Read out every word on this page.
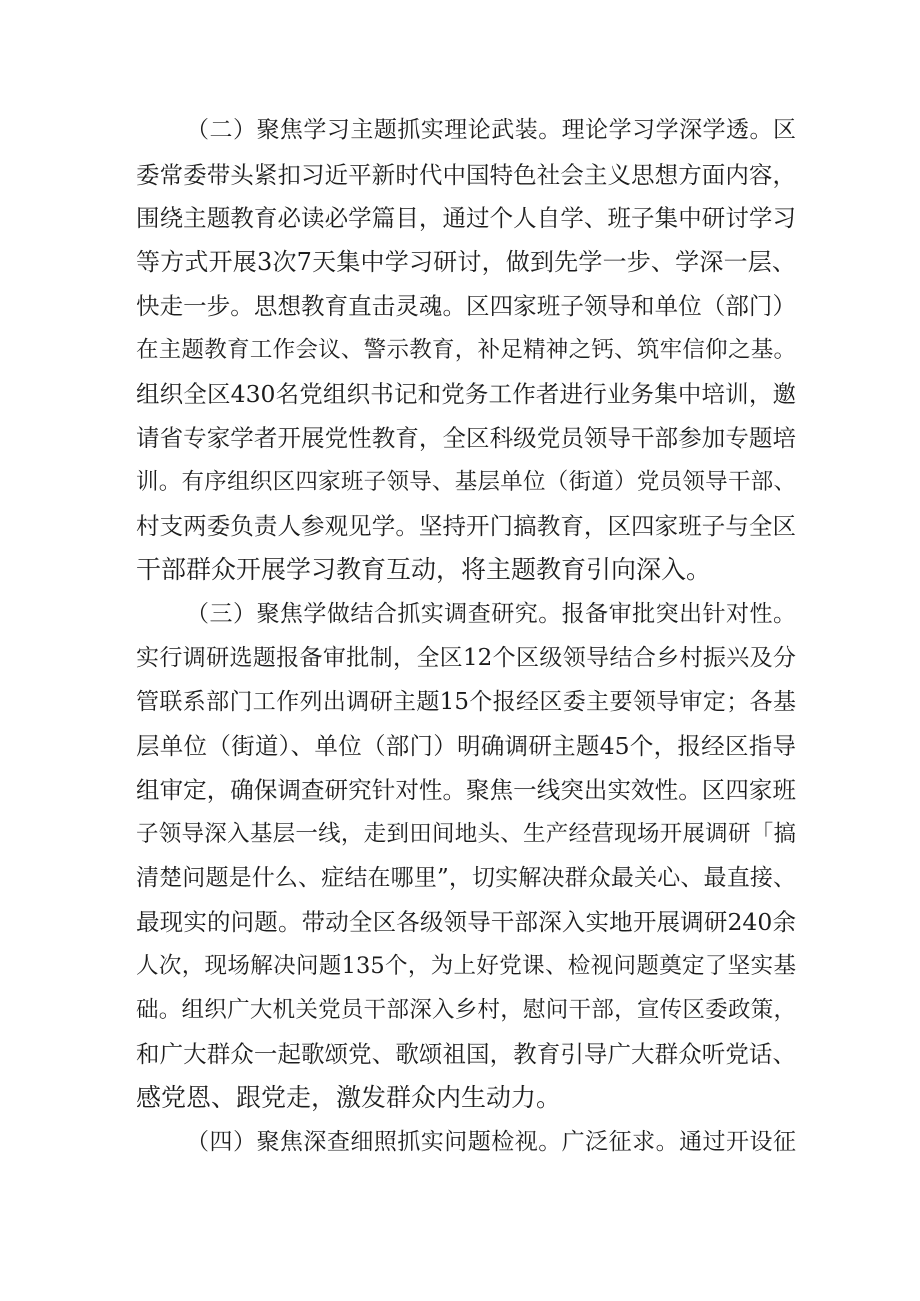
（二）聚焦学习主题抓实理论武装。理论学习学深学透。区
委常委带头紧扣习近平新时代中国特色社会主义思想方面内容，
围绕主题教育必读必学篇目，通过个人自学、班子集中研讨学习
等方式开展3次7天集中学习研讨，做到先学一步、学深一层、
快走一步。思想教育直击灵魂。区四家班子领导和单位（部门）
在主题教育工作会议、警示教育，补足精神之钙、筑牢信仰之基。
组织全区430名党组织书记和党务工作者进行业务集中培训，邀
请省专家学者开展党性教育，全区科级党员领导干部参加专题培
训。有序组织区四家班子领导、基层单位（街道）党员领导干部、
村支两委负责人参观见学。坚持开门搞教育，区四家班子与全区
干部群众开展学习教育互动，将主题教育引向深入。
（三）聚焦学做结合抓实调查研究。报备审批突出针对性。
实行调研选题报备审批制，全区12个区级领导结合乡村振兴及分
管联系部门工作列出调研主题15个报经区委主要领导审定；各基
层单位（街道）、单位（部门）明确调研主题45个，报经区指导
组审定，确保调查研究针对性。聚焦一线突出实效性。区四家班
子领导深入基层一线，走到田间地头、生产经营现场开展调研「搞
清楚问题是什么、症结在哪里”，切实解决群众最关心、最直接、
最现实的问题。带动全区各级领导干部深入实地开展调研240余
人次，现场解决问题135个，为上好党课、检视问题奠定了坚实基
础。组织广大机关党员干部深入乡村，慰问干部，宣传区委政策，
和广大群众一起歌颂党、歌颂祖国，教育引导广大群众听党话、
感党恩、跟党走，激发群众内生动力。
（四）聚焦深查细照抓实问题检视。广泛征求。通过开设征
